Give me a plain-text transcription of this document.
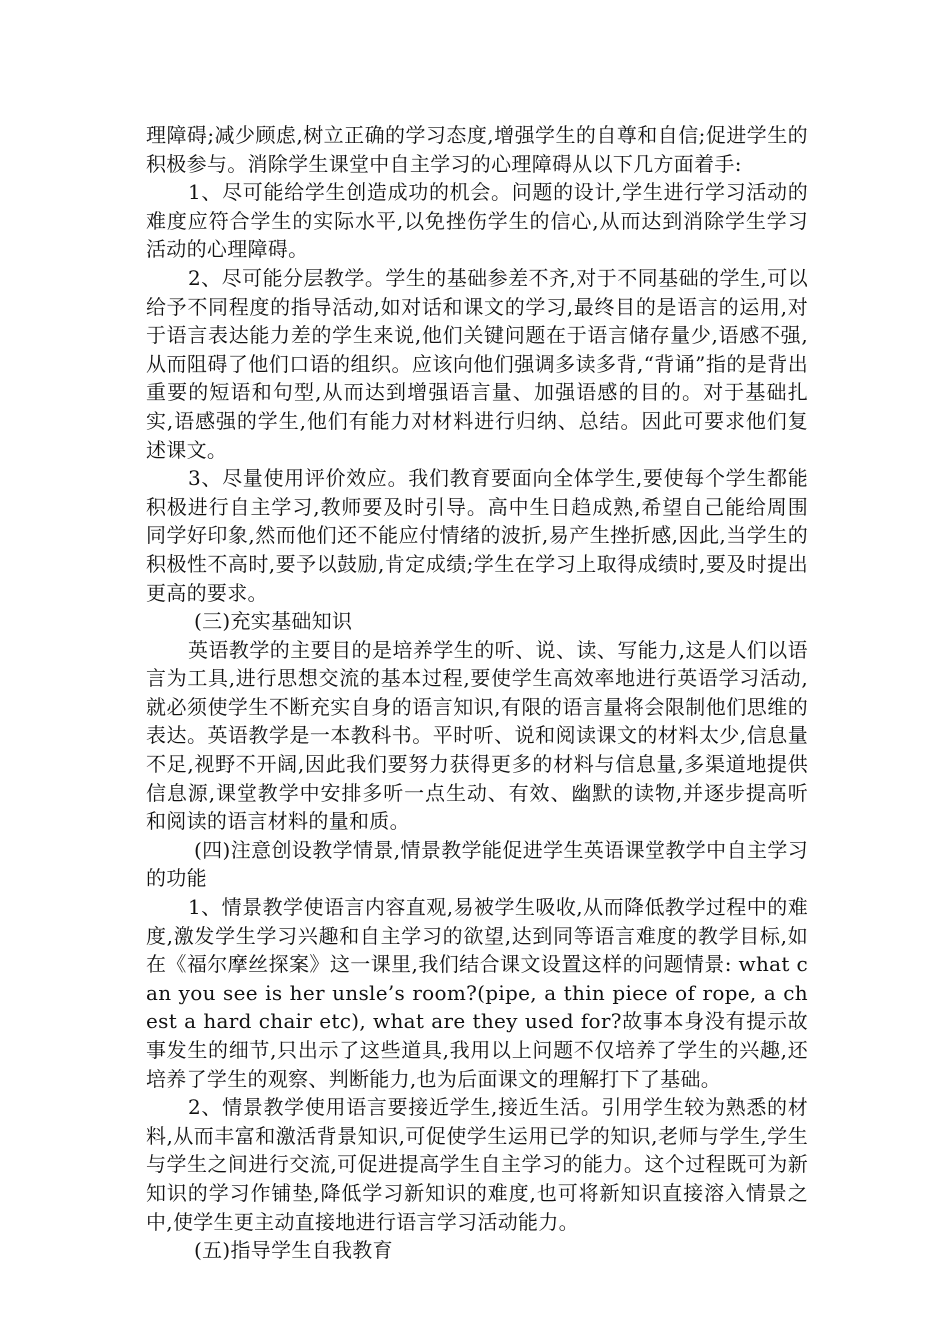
理障碍;减少顾虑,树立正确的学习态度,增强学生的自尊和自信;促进学生的积极参与。消除学生课堂中自主学习的心理障碍从以下几方面着手:

1、尽可能给学生创造成功的机会。问题的设计,学生进行学习活动的难度应符合学生的实际水平,以免挫伤学生的信心,从而达到消除学生学习活动的心理障碍。

2、尽可能分层教学。学生的基础参差不齐,对于不同基础的学生,可以给予不同程度的指导活动,如对话和课文的学习,最终目的是语言的运用,对于语言表达能力差的学生来说,他们关键问题在于语言储存量少,语感不强,从而阻碍了他们口语的组织。应该向他们强调多读多背,“背诵”指的是背出重要的短语和句型,从而达到增强语言量、加强语感的目的。对于基础扎实,语感强的学生,他们有能力对材料进行归纳、总结。因此可要求他们复述课文。

3、尽量使用评价效应。我们教育要面向全体学生,要使每个学生都能积极进行自主学习,教师要及时引导。高中生日趋成熟,希望自己能给周围同学好印象,然而他们还不能应付情绪的波折,易产生挫折感,因此,当学生的积极性不高时,要予以鼓励,肯定成绩;学生在学习上取得成绩时,要及时提出更高的要求。

(三)充实基础知识

英语教学的主要目的是培养学生的听、说、读、写能力,这是人们以语言为工具,进行思想交流的基本过程,要使学生高效率地进行英语学习活动,就必须使学生不断充实自身的语言知识,有限的语言量将会限制他们思维的表达。英语教学是一本教科书。平时听、说和阅读课文的材料太少,信息量不足,视野不开阔,因此我们要努力获得更多的材料与信息量,多渠道地提供信息源,课堂教学中安排多听一点生动、有效、幽默的读物,并逐步提高听和阅读的语言材料的量和质。

(四)注意创设教学情景,情景教学能促进学生英语课堂教学中自主学习的功能

1、情景教学使语言内容直观,易被学生吸收,从而降低教学过程中的难度,激发学生学习兴趣和自主学习的欲望,达到同等语言难度的教学目标,如在《福尔摩丝探案》这一课里,我们结合课文设置这样的问题情景: what can you see is her unsle’s room?(pipe, a thin piece of rope, a chest a hard chair etc), what are they used for?故事本身没有提示故事发生的细节,只出示了这些道具,我用以上问题不仅培养了学生的兴趣,还培养了学生的观察、判断能力,也为后面课文的理解打下了基础。

2、情景教学使用语言要接近学生,接近生活。引用学生较为熟悉的材料,从而丰富和激活背景知识,可促使学生运用已学的知识,老师与学生,学生与学生之间进行交流,可促进提高学生自主学习的能力。这个过程既可为新知识的学习作铺垫,降低学习新知识的难度,也可将新知识直接溶入情景之中,使学生更主动直接地进行语言学习活动能力。

(五)指导学生自我教育
